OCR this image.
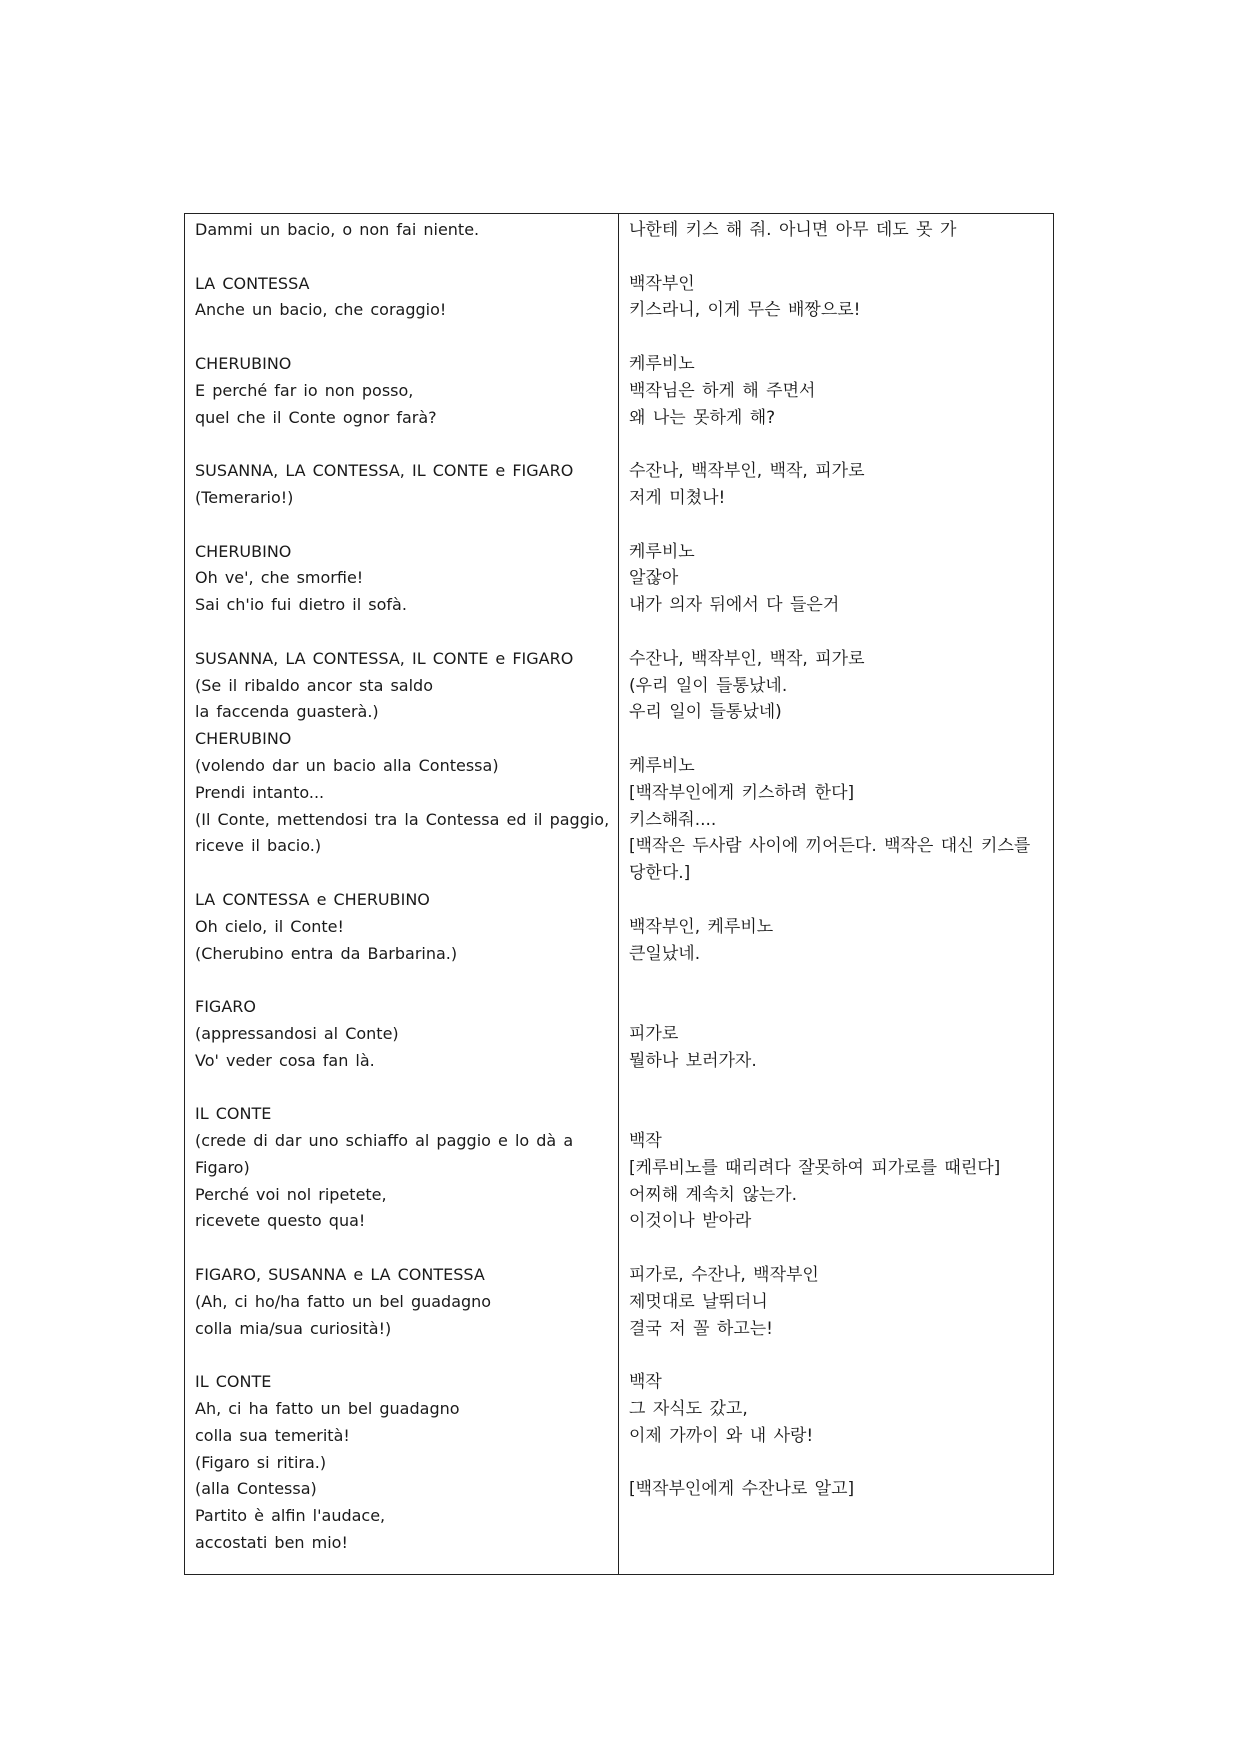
Dammi un bacio, o non fai niente.
LA CONTESSA
Anche un bacio, che coraggio!
CHERUBINO
E perché far io non posso,
quel che il Conte ognor farà?
SUSANNA, LA CONTESSA, IL CONTE e FIGARO
(Temerario!)
CHERUBINO
Oh ve', che smorfie!
Sai ch'io fui dietro il sofà.
SUSANNA, LA CONTESSA, IL CONTE e FIGARO
(Se il ribaldo ancor sta saldo
la faccenda guasterà.)
CHERUBINO
(volendo dar un bacio alla Contessa)
Prendi intanto...
(Il Conte, mettendosi tra la Contessa ed il paggio,
riceve il bacio.)
LA CONTESSA e CHERUBINO
Oh cielo, il Conte!
(Cherubino entra da Barbarina.)
FIGARO
(appressandosi al Conte)
Vo' veder cosa fan là.
IL CONTE
(crede di dar uno schiaffo al paggio e lo dà a
Figaro)
Perché voi nol ripetete,
ricevete questo qua!
FIGARO, SUSANNA e LA CONTESSA
(Ah, ci ho/ha fatto un bel guadagno
colla mia/sua curiosità!)
IL CONTE
Ah, ci ha fatto un bel guadagno
colla sua temerità!
(Figaro si ritira.)
(alla Contessa)
Partito è alfin l'audace,
accostati ben mio!
나한테 키스 해 줘. 아니면 아무 데도 못 가
백작부인
키스라니, 이게 무슨 배짱으로!
케루비노
백작님은 하게 해 주면서
왜 나는 못하게 해?
수잔나, 백작부인, 백작, 피가로
저게 미쳤나!
케루비노
알잖아
내가 의자 뒤에서 다 들은거
수잔나, 백작부인, 백작, 피가로
(우리 일이 들통났네.
우리 일이 들통났네)
케루비노
[백작부인에게 키스하려 한다]
키스해줘....
[백작은 두사람 사이에 끼어든다. 백작은 대신 키스를
당한다.]
백작부인, 케루비노
큰일났네.
피가로
뭘하나 보러가자.
백작
[케루비노를 때리려다 잘못하여 피가로를 때린다]
어찌해 계속치 않는가.
이것이나 받아라
피가로, 수잔나, 백작부인
제멋대로 날뛰더니
결국 저 꼴 하고는!
백작
그 자식도 갔고,
이제 가까이 와 내 사랑!
[백작부인에게 수잔나로 알고]
